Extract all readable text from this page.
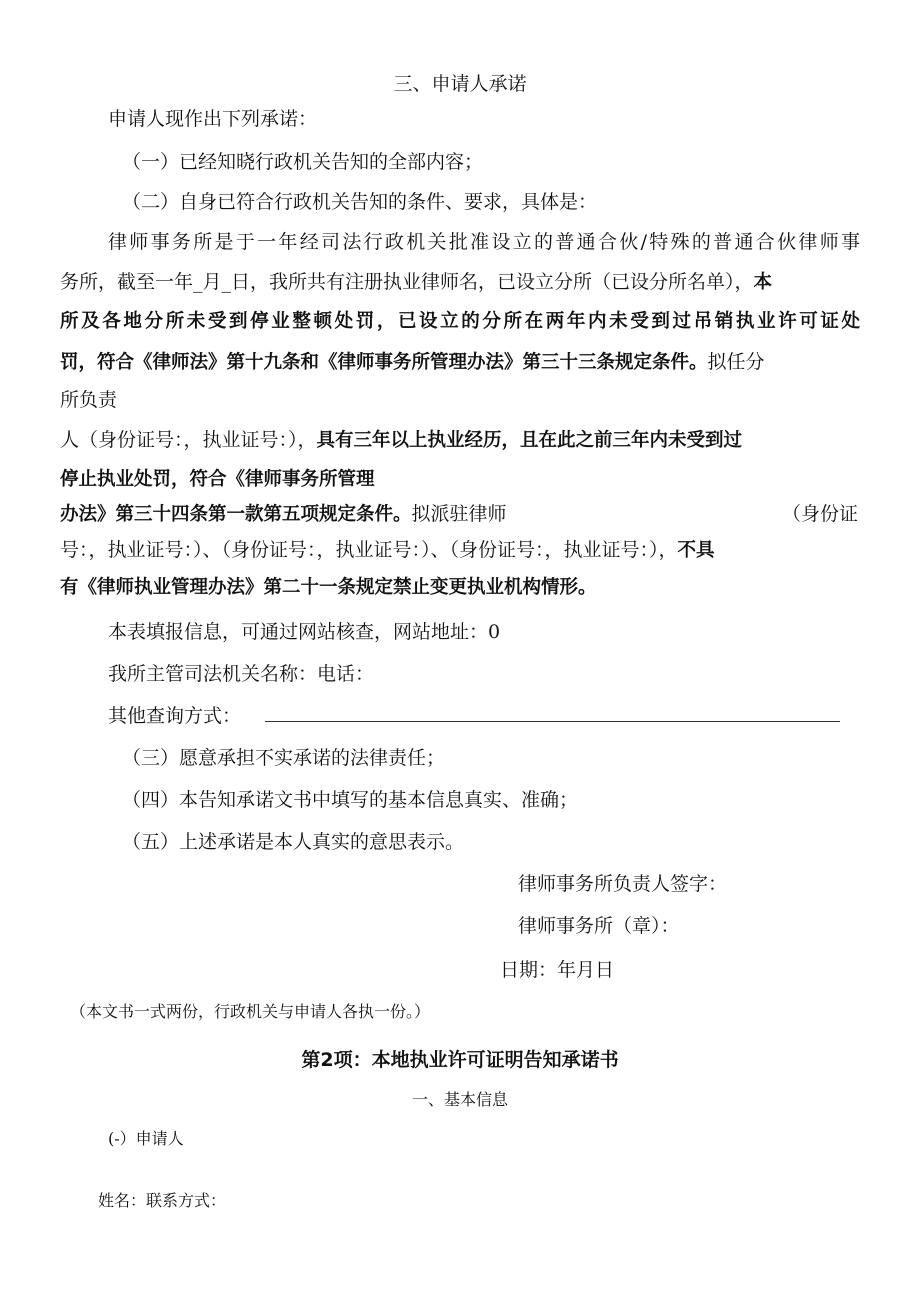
三、申请人承诺
申请人现作出下列承诺：
（一）已经知晓行政机关告知的全部内容；
（二）自身已符合行政机关告知的条件、要求，具体是：
律师事务所是于一年经司法行政机关批准设立的普通合伙/特殊的普通合伙律师事
务所，截至一年_月_日，我所共有注册执业律师名，已设立分所（已设分所名单），本
所及各地分所未受到停业整顿处罚，已设立的分所在两年内未受到过吊销执业许可证处
罚，符合《律师法》第十九条和《律师事务所管理办法》第三十三条规定条件。拟任分
所负责
人（身份证号：，执业证号：），具有三年以上执业经历，且在此之前三年内未受到过
停止执业处罚，符合《律师事务所管理
办法》第三十四条第一款第五项规定条件。拟派驻律师	（身份证
号：，执业证号：）、（身份证号：，执业证号：）、（身份证号：，执业证号：），不具
有《律师执业管理办法》第二十一条规定禁止变更执业机构情形。
本表填报信息，可通过网站核查，网站地址：0
我所主管司法机关名称：电话：
其他查询方式：
（三）愿意承担不实承诺的法律责任；
（四）本告知承诺文书中填写的基本信息真实、准确；
（五）上述承诺是本人真实的意思表示。
律师事务所负责人签字：
律师事务所（章）：
日期：年月日
（本文书一式两份，行政机关与申请人各执一份。）
第2项：本地执业许可证明告知承诺书
一、基本信息
(-）申请人
姓名：联系方式：
